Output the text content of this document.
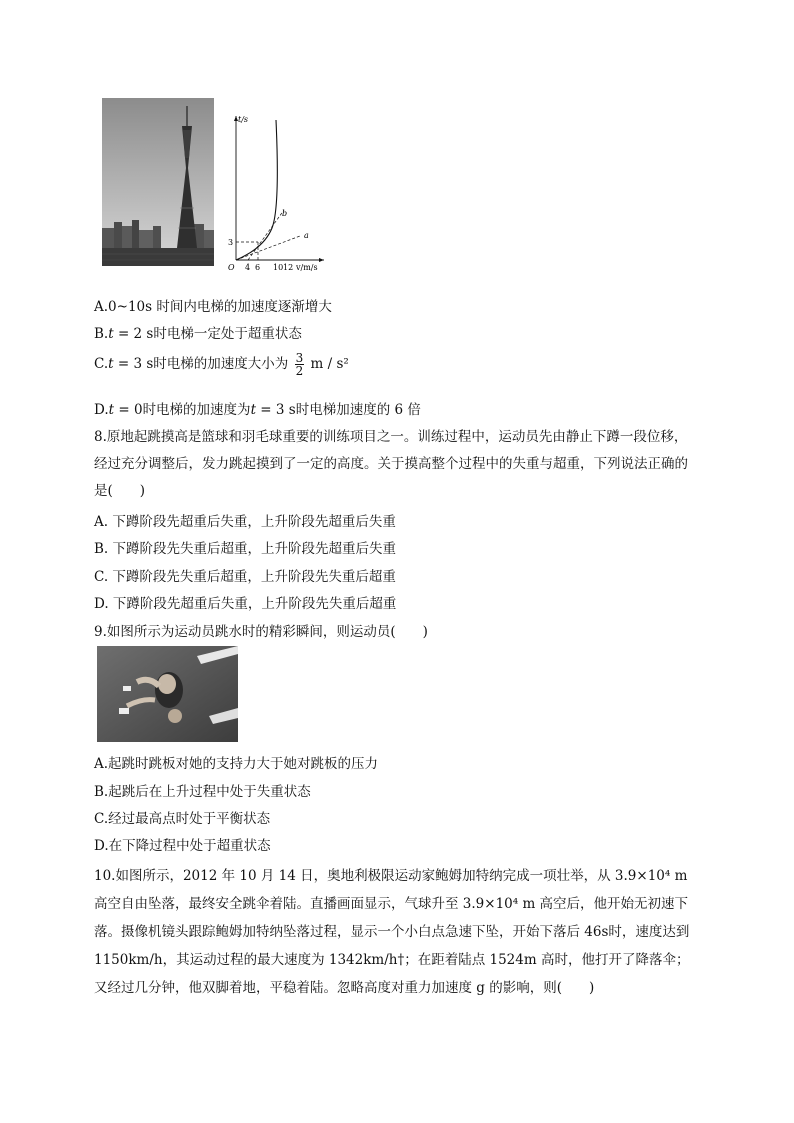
t/s
v/m/s
O
3
4 6 10 12
a
b
A.0~10s 时间内电梯的加速度逐渐增大
B.t = 2 s时电梯一定处于超重状态
C.t = 3 s时电梯的加速度大小为 $\frac{3}{2}$ m / s²
D.t = 0时电梯的加速度为t = 3 s时电梯加速度的 6 倍
8.原地起跳摸高是篮球和羽毛球重要的训练项目之一。训练过程中，运动员先由静止下蹲一段位移，经过充分调整后，发力跳起摸到了一定的高度。关于摸高整个过程中的失重与超重，下列说法正确的是(　　)
A. 下蹲阶段先超重后失重，上升阶段先超重后失重
B. 下蹲阶段先失重后超重，上升阶段先超重后失重
C. 下蹲阶段先失重后超重，上升阶段先失重后超重
D. 下蹲阶段先超重后失重，上升阶段先失重后超重
9.如图所示为运动员跳水时的精彩瞬间，则运动员(　　)
A.起跳时跳板对她的支持力大于她对跳板的压力
B.起跳后在上升过程中处于失重状态
C.经过最高点时处于平衡状态
D.在下降过程中处于超重状态
10.如图所示，2012 年 10 月 14 日，奥地利极限运动家鲍姆加特纳完成一项壮举，从 3.9×10⁴ m 高空自由坠落，最终安全跳伞着陆。直播画面显示，气球升至 3.9×10⁴ m 高空后，他开始无初速下落。摄像机镜头跟踪鲍姆加特纳坠落过程，显示一个小白点急速下坠，开始下落后 46s时，速度达到 1150km/h，其运动过程的最大速度为 1342km/h†；在距着陆点 1524m 高时，他打开了降落伞；又经过几分钟，他双脚着地，平稳着陆。忽略高度对重力加速度 g 的影响，则(　　)
